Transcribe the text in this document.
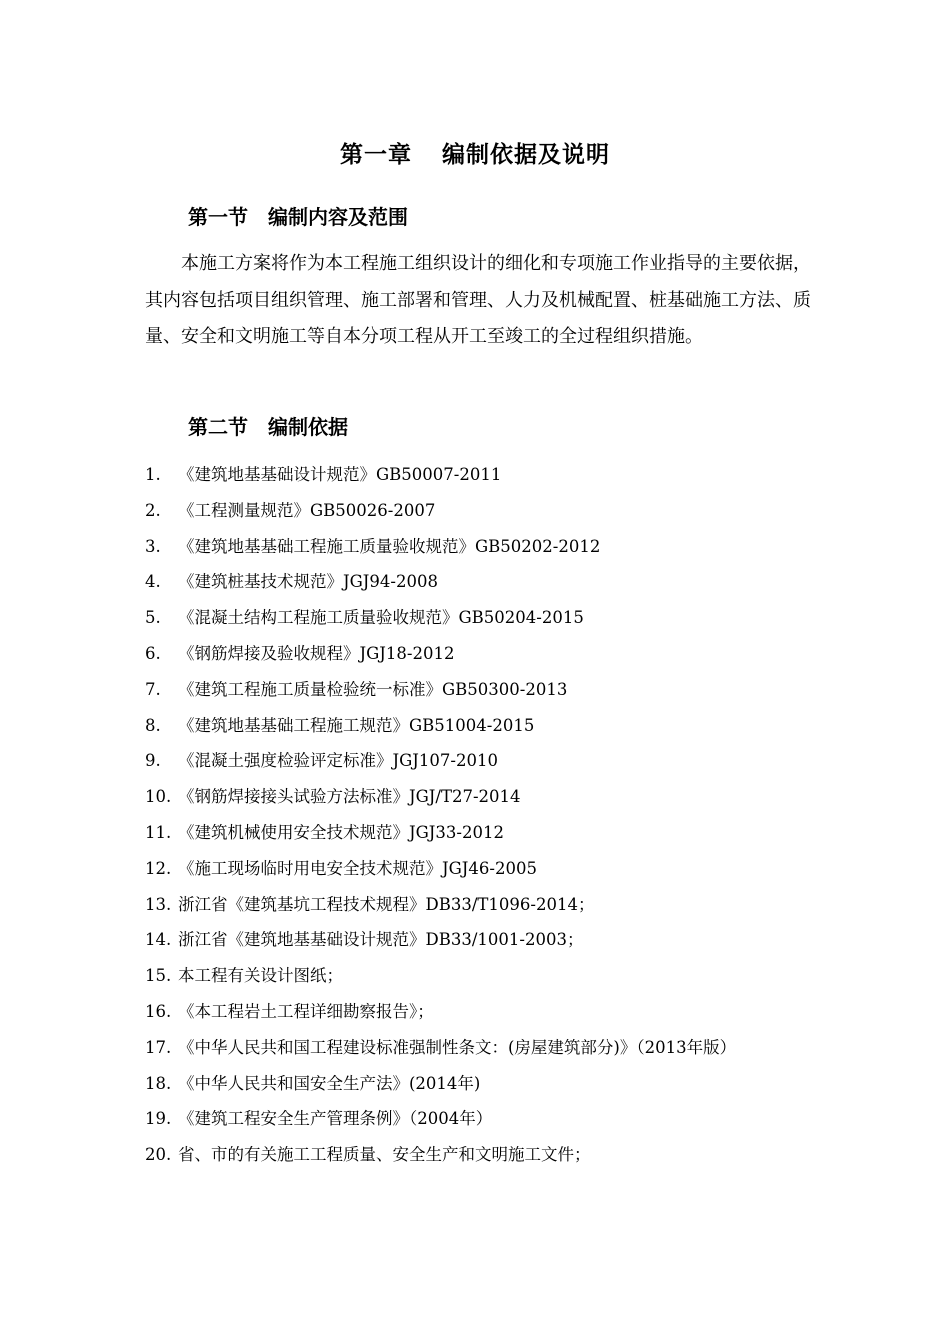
第一章 编制依据及说明
第一节 编制内容及范围

本施工方案将作为本工程施工组织设计的细化和专项施工作业指导的主要依据，其内容包括项目组织管理、施工部署和管理、人力及机械配置、桩基础施工方法、质量、安全和文明施工等自本分项工程从开工至竣工的全过程组织措施。

第二节 编制依据
1.	《建筑地基基础设计规范》GB50007-2011
2.	《工程测量规范》GB50026-2007
3.	《建筑地基基础工程施工质量验收规范》GB50202-2012
4.	《建筑桩基技术规范》JGJ94-2008
5.	《混凝土结构工程施工质量验收规范》GB50204-2015
6.	《钢筋焊接及验收规程》JGJ18-2012
7.	《建筑工程施工质量检验统一标准》GB50300-2013
8.	《建筑地基基础工程施工规范》GB51004-2015
9.	《混凝土强度检验评定标准》JGJ107-2010
10. 《钢筋焊接接头试验方法标准》JGJ/T27-2014
11. 《建筑机械使用安全技术规范》JGJ33-2012
12. 《施工现场临时用电安全技术规范》JGJ46-2005
13. 浙江省《建筑基坑工程技术规程》DB33/T1096-2014；
14. 浙江省《建筑地基基础设计规范》DB33/1001-2003；
15. 本工程有关设计图纸；
16. 《本工程岩土工程详细勘察报告》；
17. 《中华人民共和国工程建设标准强制性条文：(房屋建筑部分)》（2013年版）
18. 《中华人民共和国安全生产法》(2014年)
19. 《建筑工程安全生产管理条例》（2004年）
20. 省、市的有关施工工程质量、安全生产和文明施工文件；
